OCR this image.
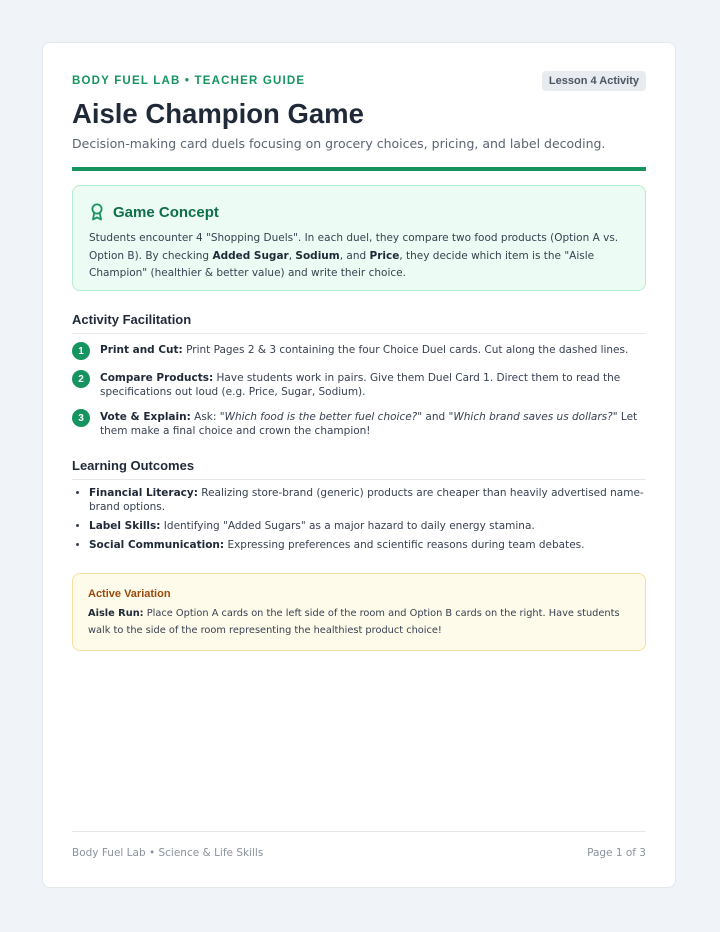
BODY FUEL LAB • TEACHER GUIDE	Lesson 4 Activity
Aisle Champion Game
Decision-making card duels focusing on grocery choices, pricing, and label decoding.
Game Concept
Students encounter 4 "Shopping Duels". In each duel, they compare two food products (Option A vs. Option B). By checking Added Sugar, Sodium, and Price, they decide which item is the "Aisle Champion" (healthier & better value) and write their choice.
Activity Facilitation
1	Print and Cut: Print Pages 2 & 3 containing the four Choice Duel cards. Cut along the dashed lines.
2	Compare Products: Have students work in pairs. Give them Duel Card 1. Direct them to read the specifications out loud (e.g. Price, Sugar, Sodium).
3	Vote & Explain: Ask: "Which food is the better fuel choice?" and "Which brand saves us dollars?" Let them make a final choice and crown the champion!
Learning Outcomes
• Financial Literacy: Realizing store-brand (generic) products are cheaper than heavily advertised name-brand options.
• Label Skills: Identifying "Added Sugars" as a major hazard to daily energy stamina.
• Social Communication: Expressing preferences and scientific reasons during team debates.
Active Variation
Aisle Run: Place Option A cards on the left side of the room and Option B cards on the right. Have students walk to the side of the room representing the healthiest product choice!
Body Fuel Lab • Science & Life Skills	Page 1 of 3
